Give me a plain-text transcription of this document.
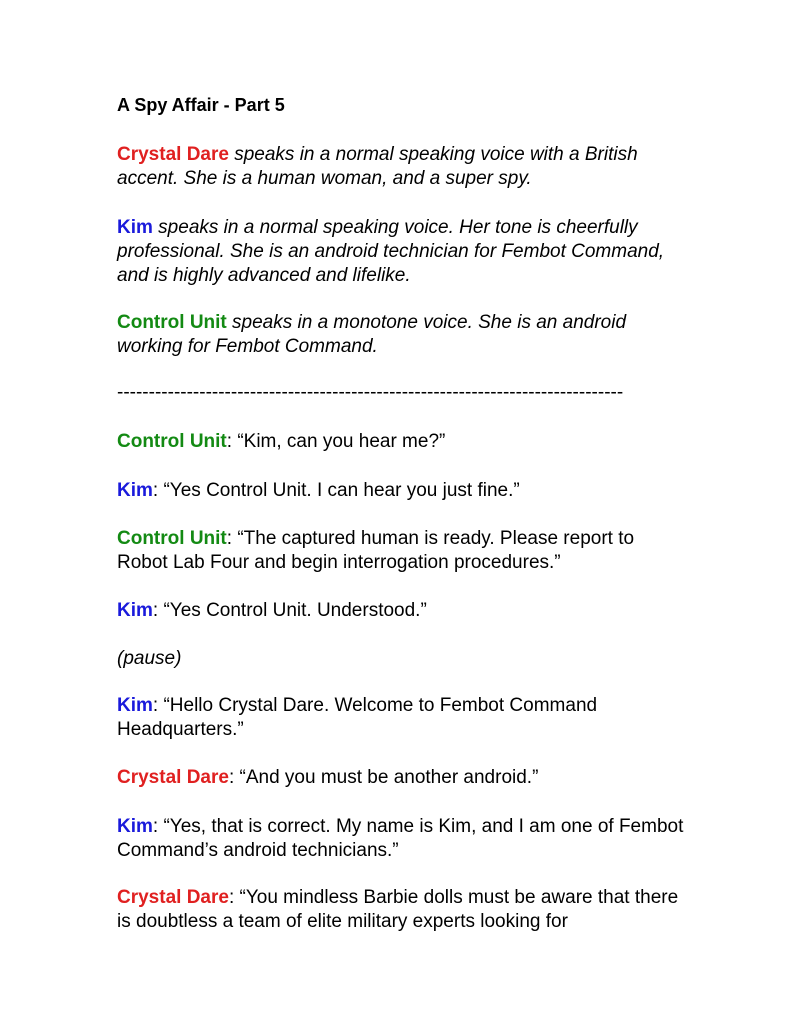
A Spy Affair - Part 5
Crystal Dare speaks in a normal speaking voice with a British accent. She is a human woman, and a super spy.
Kim speaks in a normal speaking voice. Her tone is cheerfully professional. She is an android technician for Fembot Command, and is highly advanced and lifelike.
Control Unit speaks in a monotone voice. She is an android working for Fembot Command.
--------------------------------------------------------------------------------
Control Unit: “Kim, can you hear me?”
Kim: “Yes Control Unit. I can hear you just fine.”
Control Unit: “The captured human is ready. Please report to Robot Lab Four and begin interrogation procedures.”
Kim: “Yes Control Unit. Understood.”
(pause)
Kim: “Hello Crystal Dare. Welcome to Fembot Command Headquarters.”
Crystal Dare: “And you must be another android.”
Kim: “Yes, that is correct. My name is Kim, and I am one of Fembot Command’s android technicians.”
Crystal Dare: “You mindless Barbie dolls must be aware that there is doubtless a team of elite military experts looking for
